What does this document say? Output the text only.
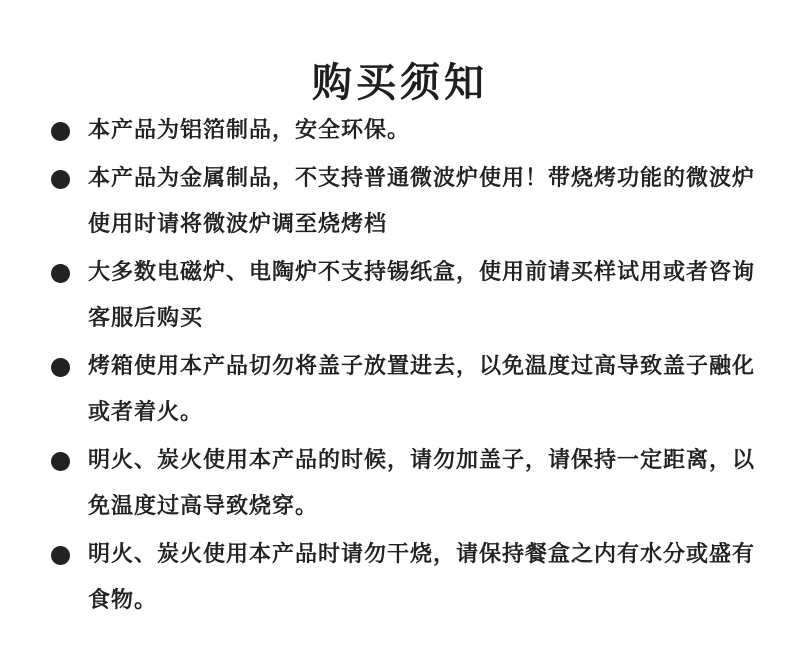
购买须知
本产品为铝箔制品，安全环保。
本产品为金属制品，不支持普通微波炉使用！带烧烤功能的微波炉使用时请将微波炉调至烧烤档
大多数电磁炉、电陶炉不支持锡纸盒，使用前请买样试用或者咨询客服后购买
烤箱使用本产品切勿将盖子放置进去，以免温度过高导致盖子融化或者着火。
明火、炭火使用本产品的时候，请勿加盖子，请保持一定距离，以免温度过高导致烧穿。
明火、炭火使用本产品时请勿干烧，请保持餐盒之内有水分或盛有食物。
